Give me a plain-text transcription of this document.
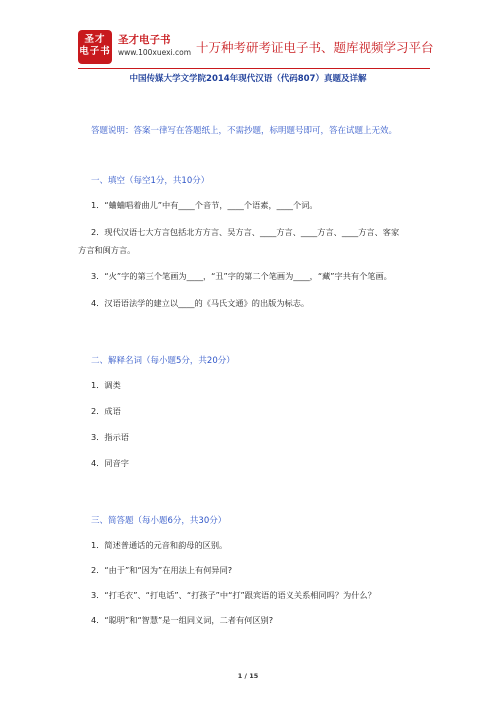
圣才
电子书
圣才电子书
www.100xuexi.com 十万种考研考证电子书、题库视频学习平台
中国传媒大学文学院2014年现代汉语（代码807）真题及详解
答题说明：答案一律写在答题纸上，不需抄题，标明题号即可，答在试题上无效。
一、填空（每空1分，共10分）
1．“蛐蛐唱着曲儿”中有____个音节，____个语素，____个词。
2．现代汉语七大方言包括北方方言、吴方言、____方言、____方言、____方言、客家
方言和闽方言。
3．“火”字的第三个笔画为____，“丑”字的第二个笔画为____，“藏”字共有个笔画。
4．汉语语法学的建立以____的《马氏文通》的出版为标志。
二、解释名词（每小题5分，共20分）
1．调类
2．成语
3．指示语
4．同音字
三、简答题（每小题6分，共30分）
1．简述普通话的元音和韵母的区别。
2．“由于”和“因为”在用法上有何异同?
3．“打毛衣”、“打电话”、“打孩子”中“打”跟宾语的语义关系相同吗？为什么？
4．“聪明”和“智慧”是一组同义词，二者有何区别?
1 / 15
